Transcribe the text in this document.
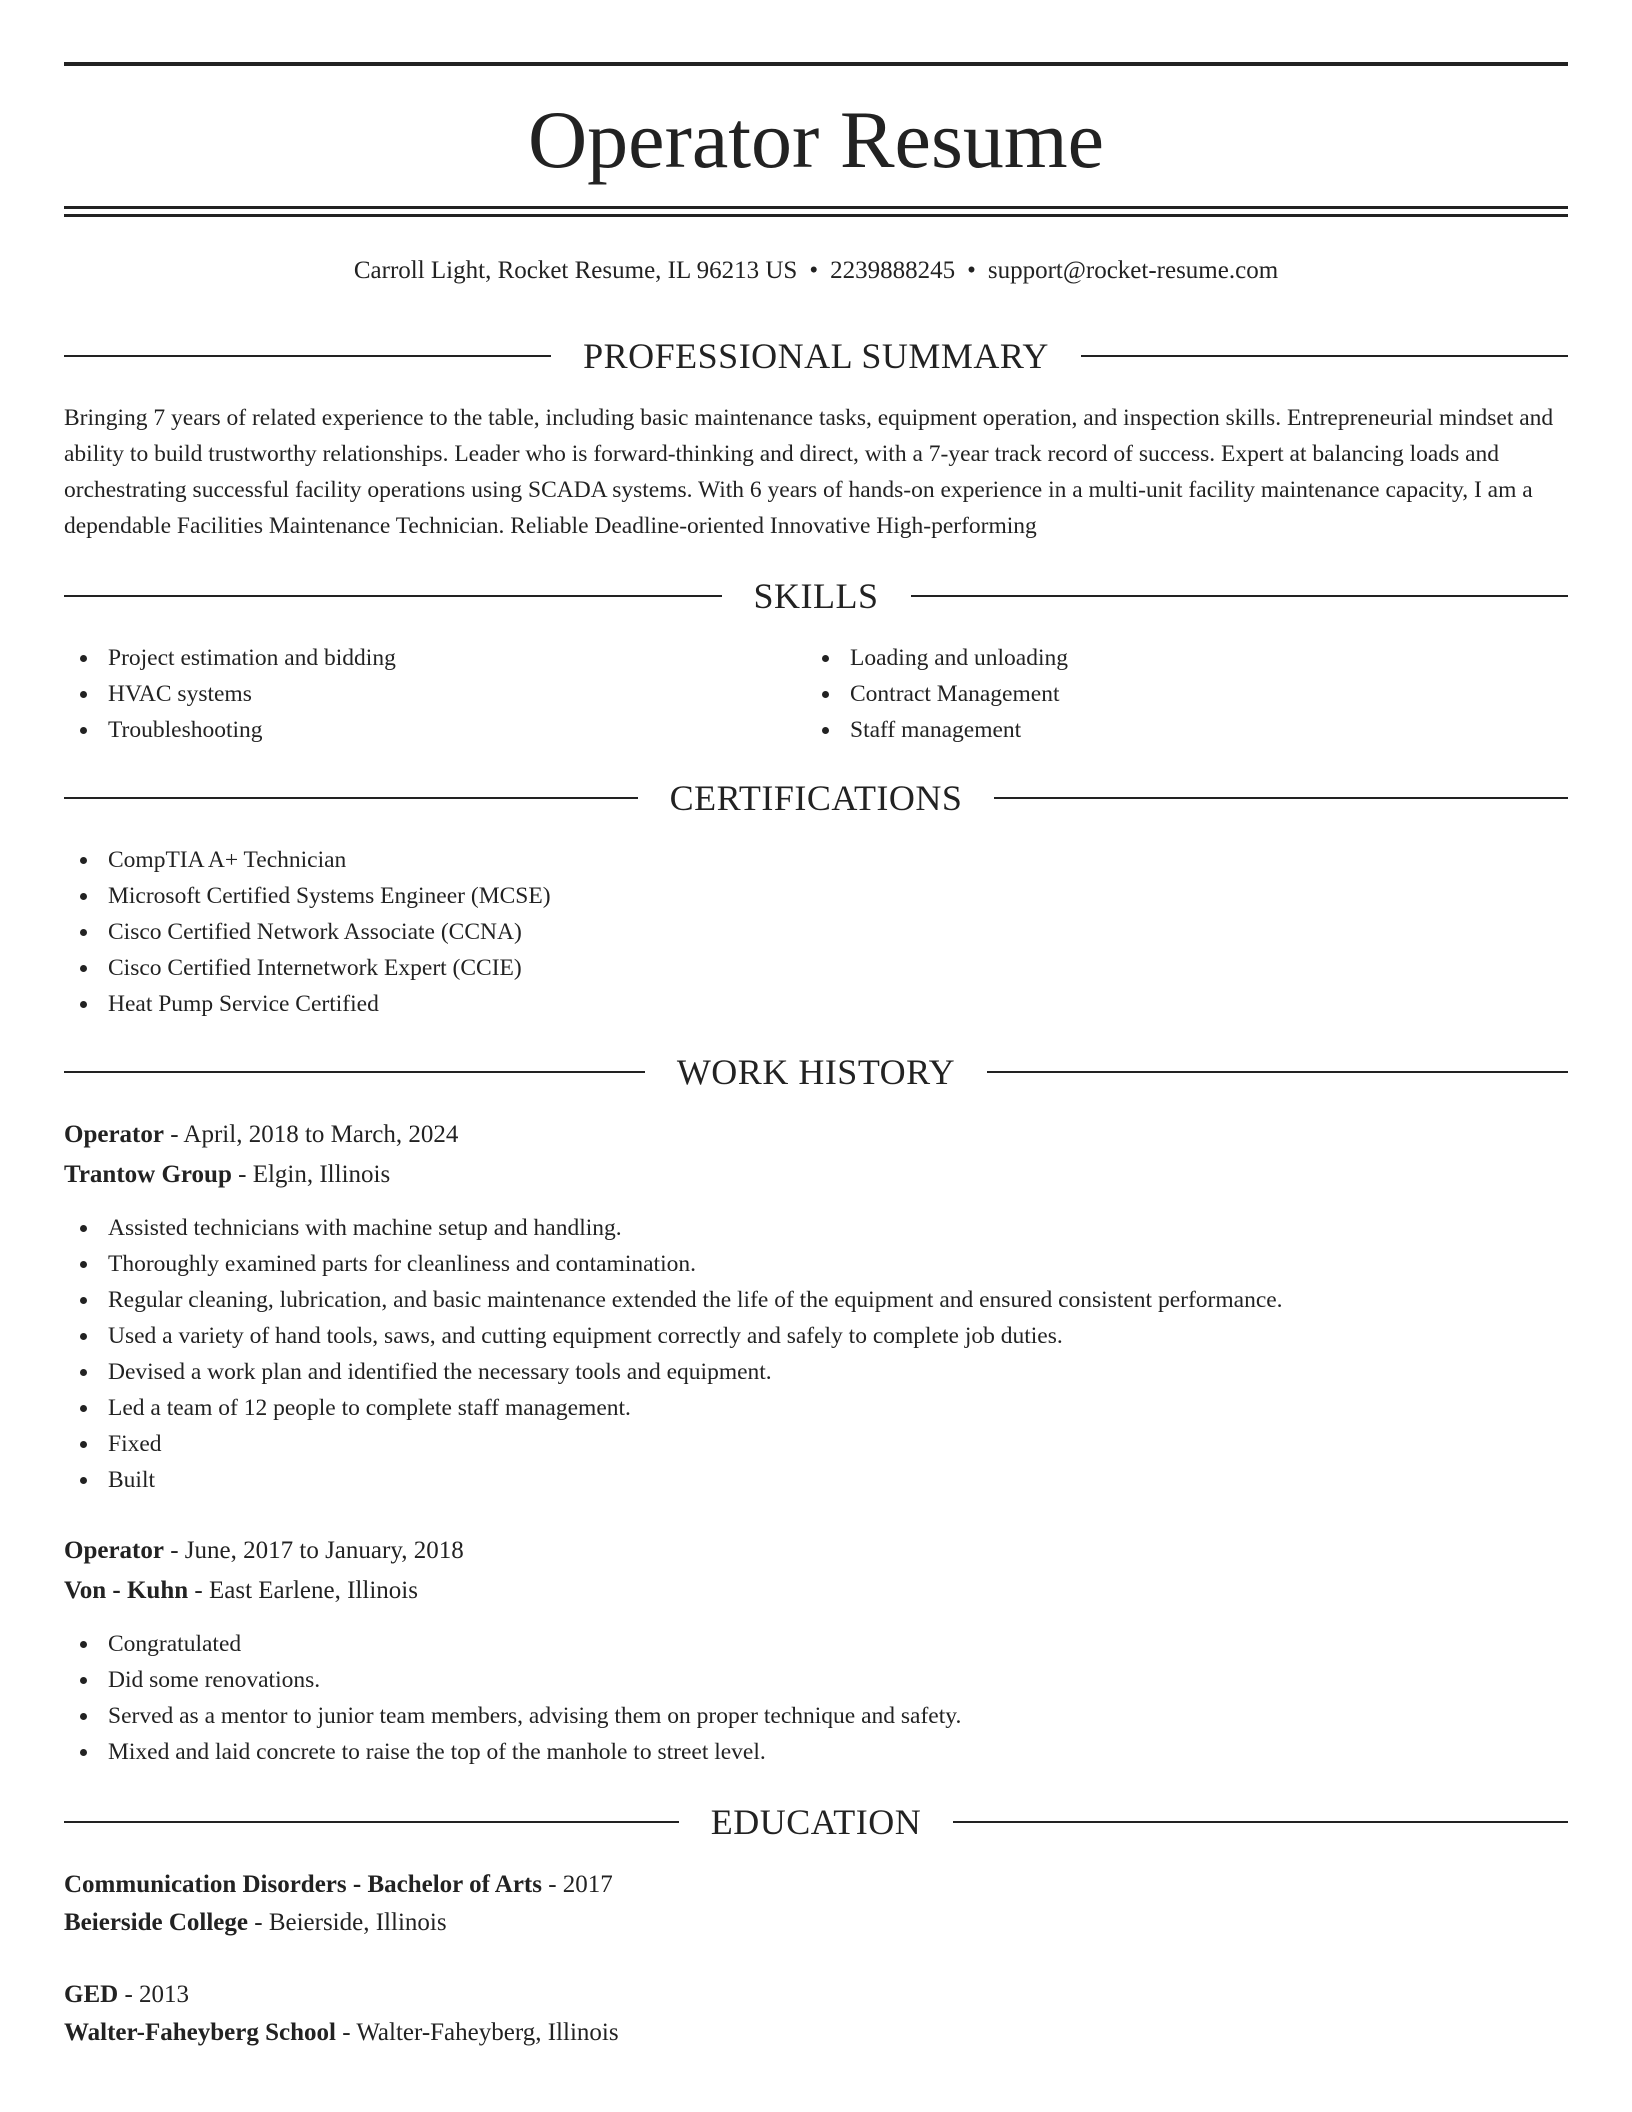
Operator Resume
Carroll Light, Rocket Resume, IL 96213 US • 2239888245 • support@rocket-resume.com
PROFESSIONAL SUMMARY

Bringing 7 years of related experience to the table, including basic maintenance tasks, equipment operation, and inspection skills. Entrepreneurial mindset and ability to build trustworthy relationships. Leader who is forward-thinking and direct, with a 7-year track record of success. Expert at balancing loads and orchestrating successful facility operations using SCADA systems. With 6 years of hands-on experience in a multi-unit facility maintenance capacity, I am a dependable Facilities Maintenance Technician. Reliable Deadline-oriented Innovative High-performing

SKILLS
Project estimation and bidding
HVAC systems
Troubleshooting
Loading and unloading
Contract Management
Staff management
CERTIFICATIONS
CompTIA A+ Technician
Microsoft Certified Systems Engineer (MCSE)
Cisco Certified Network Associate (CCNA)
Cisco Certified Internetwork Expert (CCIE)
Heat Pump Service Certified
WORK HISTORY
Operator - April, 2018 to March, 2024
Trantow Group - Elgin, Illinois
Assisted technicians with machine setup and handling.
Thoroughly examined parts for cleanliness and contamination.
Regular cleaning, lubrication, and basic maintenance extended the life of the equipment and ensured consistent performance.
Used a variety of hand tools, saws, and cutting equipment correctly and safely to complete job duties.
Devised a work plan and identified the necessary tools and equipment.
Led a team of 12 people to complete staff management.
Fixed
Built
Operator - June, 2017 to January, 2018
Von - Kuhn - East Earlene, Illinois
Congratulated
Did some renovations.
Served as a mentor to junior team members, advising them on proper technique and safety.
Mixed and laid concrete to raise the top of the manhole to street level.
EDUCATION
Communication Disorders - Bachelor of Arts - 2017
Beierside College - Beierside, Illinois
GED - 2013
Walter-Faheyberg School - Walter-Faheyberg, Illinois
